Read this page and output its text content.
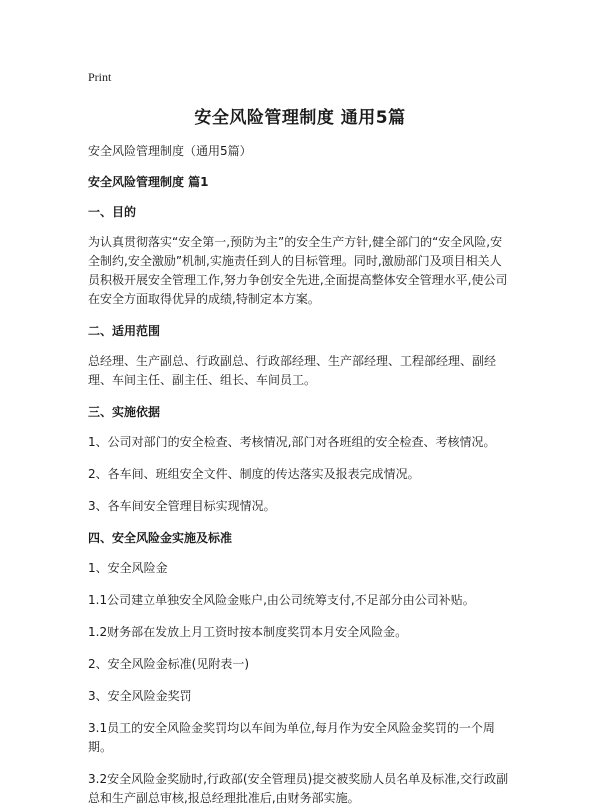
Print
安全风险管理制度 通用5篇
安全风险管理制度（通用5篇）
安全风险管理制度 篇1
一、目的
为认真贯彻落实“安全第一,预防为主”的安全生产方针,健全部门的“安全风险,安全制约,安全激励”机制,实施责任到人的目标管理。同时,激励部门及项目相关人员积极开展安全管理工作,努力争创安全先进,全面提高整体安全管理水平,使公司在安全方面取得优异的成绩,特制定本方案。
二、适用范围
总经理、生产副总、行政副总、行政部经理、生产部经理、工程部经理、副经理、车间主任、副主任、组长、车间员工。
三、实施依据
1、公司对部门的安全检查、考核情况,部门对各班组的安全检查、考核情况。
2、各车间、班组安全文件、制度的传达落实及报表完成情况。
3、各车间安全管理目标实现情况。
四、安全风险金实施及标准
1、安全风险金
1.1公司建立单独安全风险金账户,由公司统筹支付,不足部分由公司补贴。
1.2财务部在发放上月工资时按本制度奖罚本月安全风险金。
2、安全风险金标准(见附表一)
3、安全风险金奖罚
3.1员工的安全风险金奖罚均以车间为单位,每月作为安全风险金奖罚的一个周期。
3.2安全风险金奖励时,行政部(安全管理员)提交被奖励人员名单及标准,交行政副总和生产副总审核,报总经理批准后,由财务部实施。
